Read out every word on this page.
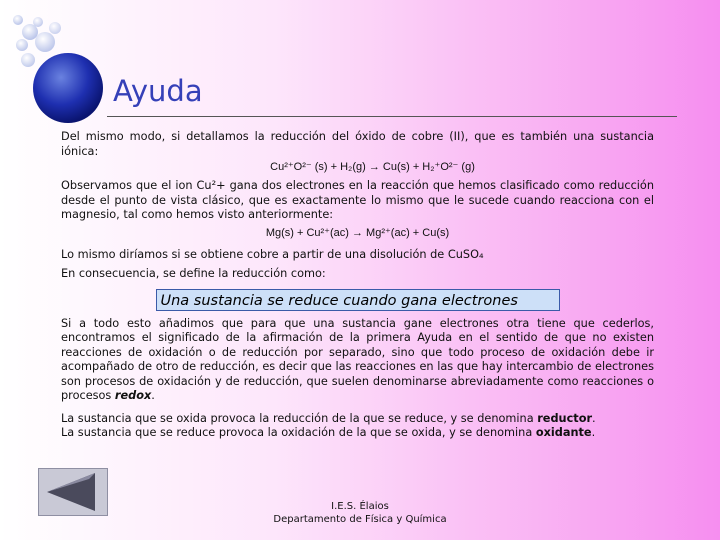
Ayuda

Del mismo modo, si detallamos la reducción del óxido de cobre (II), que es también una sustancia iónica:

Cu²⁺O²⁻ (s) + H₂(g) → Cu(s) + H₂⁺O²⁻ (g)

Observamos que el ion Cu²+ gana dos electrones en la reacción que hemos clasificado como reducción desde el punto de vista clásico, que es exactamente lo mismo que le sucede cuando reacciona con el magnesio, tal como hemos visto anteriormente:

Mg(s) + Cu²⁺(ac) → Mg²⁺(ac) + Cu(s)

Lo mismo diríamos si se obtiene cobre a partir de una disolución de CuSO₄

En consecuencia, se define la reducción como:

Una sustancia se reduce cuando gana electrones

Si a todo esto añadimos que para que una sustancia gane electrones otra tiene que cederlos, encontramos el significado de la afirmación de la primera Ayuda en el sentido de que no existen reacciones de oxidación o de reducción por separado, sino que todo proceso de oxidación debe ir acompañado de otro de reducción, es decir que las reacciones en las que hay intercambio de electrones son procesos de oxidación y de reducción, que suelen denominarse abreviadamente como reacciones o procesos redox.

La sustancia que se oxida provoca la reducción de la que se reduce, y se denomina reductor.

La sustancia que se reduce provoca la oxidación de la que se oxida, y se denomina oxidante.

I.E.S. Élaios
Departamento de Física y Química
